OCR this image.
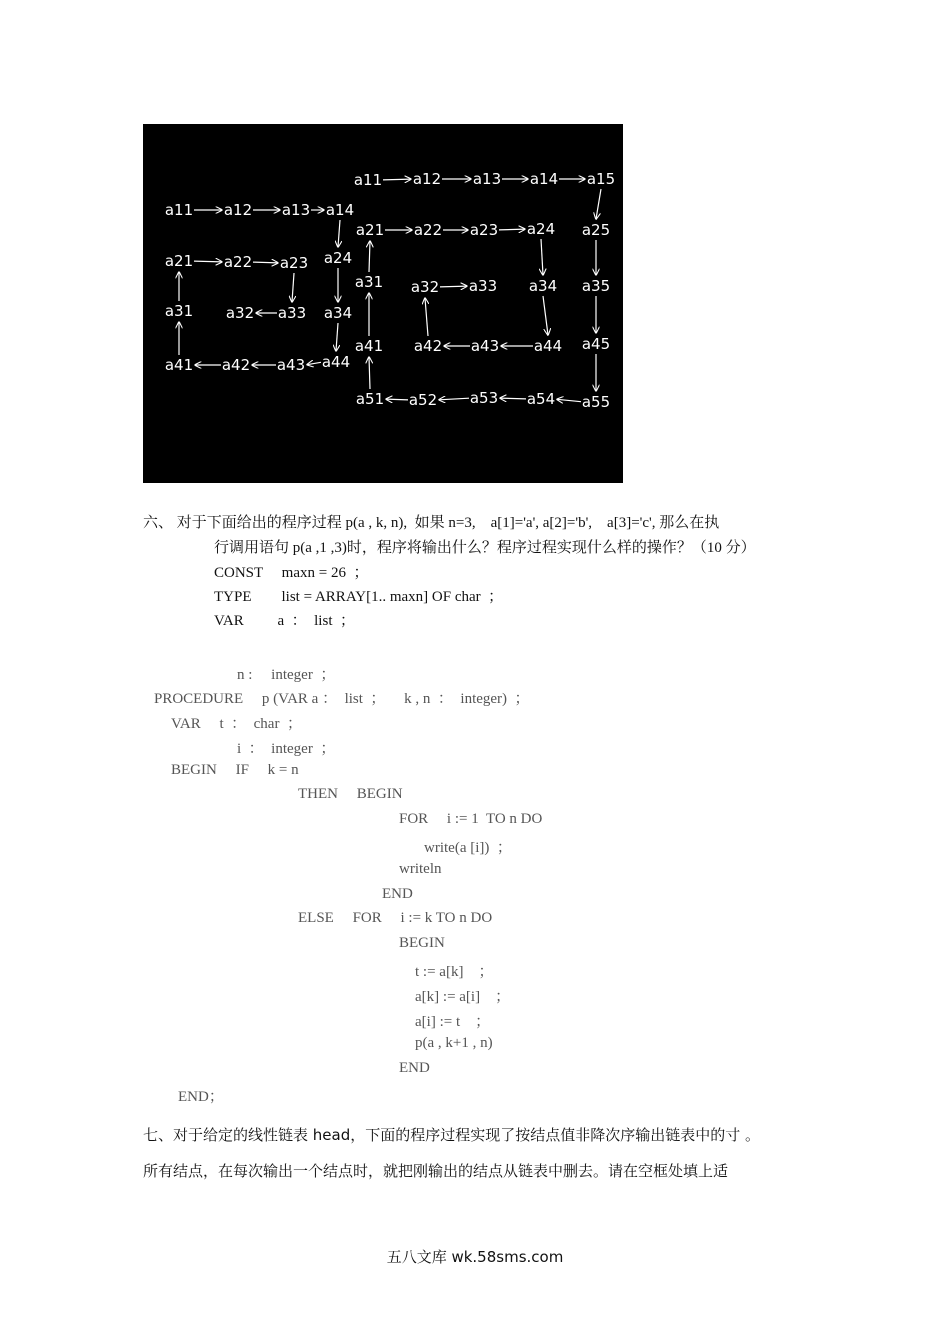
a11 a12 a13 a14
a21 a22 a23 a24
a31 a32 a33 a34
a41 a42 a43 a44
a11 a12 a13 a14 a15
a21 a22 a23 a24 a25
a31 a32 a33 a34 a35
a41 a42 a43 a44 a45
a51 a52 a53 a54 a55
六、 对于下面给出的程序过程 p(a , k, n),  如果 n=3,    a[1]='a', a[2]='b',    a[3]='c', 那么在执
行调用语句 p(a ,1 ,3)时，程序将输出什么？程序过程实现什么样的操作？（10 分）
CONST     maxn = 26  ；
TYPE        list = ARRAY[1.. maxn] OF char  ；
VAR         a  ：  list  ；
n :     integer  ；
PROCEDURE     p (VAR a ：  list  ；     k , n  ：  integer)  ；
VAR     t  ：  char  ；
i  ：  integer  ；
BEGIN     IF     k = n
THEN     BEGIN
FOR     i := 1  TO n DO
write(a [i])  ；
writeln
END
ELSE     FOR     i := k TO n DO
BEGIN
t := a[k]    ；
a[k] := a[i]    ；
a[i] := t    ；
p(a , k+1 , n)
END
END；
七、对于给定的线性链表 head，下面的程序过程实现了按结点值非降次序输出链表中的寸 。
所有结点，在每次输出一个结点时，就把刚输出的结点从链表中删去。请在空框处填上适
五八文库 wk.58sms.com
